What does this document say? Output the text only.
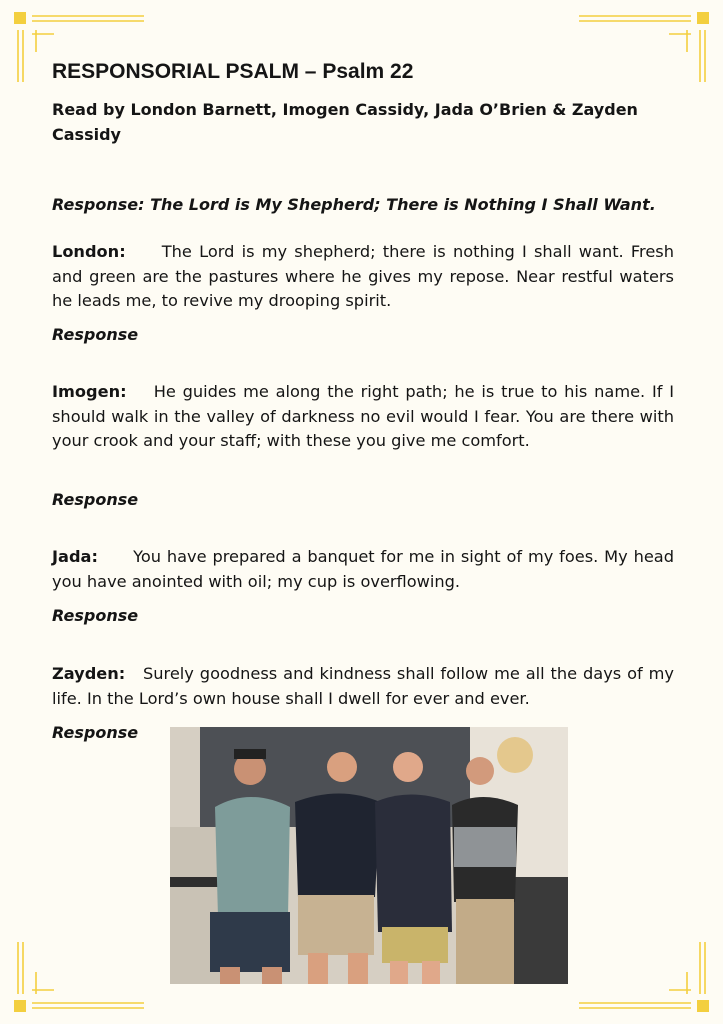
RESPONSORIAL PSALM – Psalm 22

Read by London Barnett, Imogen Cassidy, Jada O’Brien & Zayden Cassidy

Response: The Lord is My Shepherd; There is Nothing I Shall Want.

London: The Lord is my shepherd; there is nothing I shall want. Fresh and green are the pastures where he gives my repose. Near restful waters he leads me, to revive my drooping spirit.

Response

Imogen: He guides me along the right path; he is true to his name. If I should walk in the valley of darkness no evil would I fear. You are there with your crook and your staff; with these you give me comfort.

Response

Jada: You have prepared a banquet for me in sight of my foes. My head you have anointed with oil; my cup is overflowing.

Response

Zayden: Surely goodness and kindness shall follow me all the days of my life. In the Lord’s own house shall I dwell for ever and ever.

Response
